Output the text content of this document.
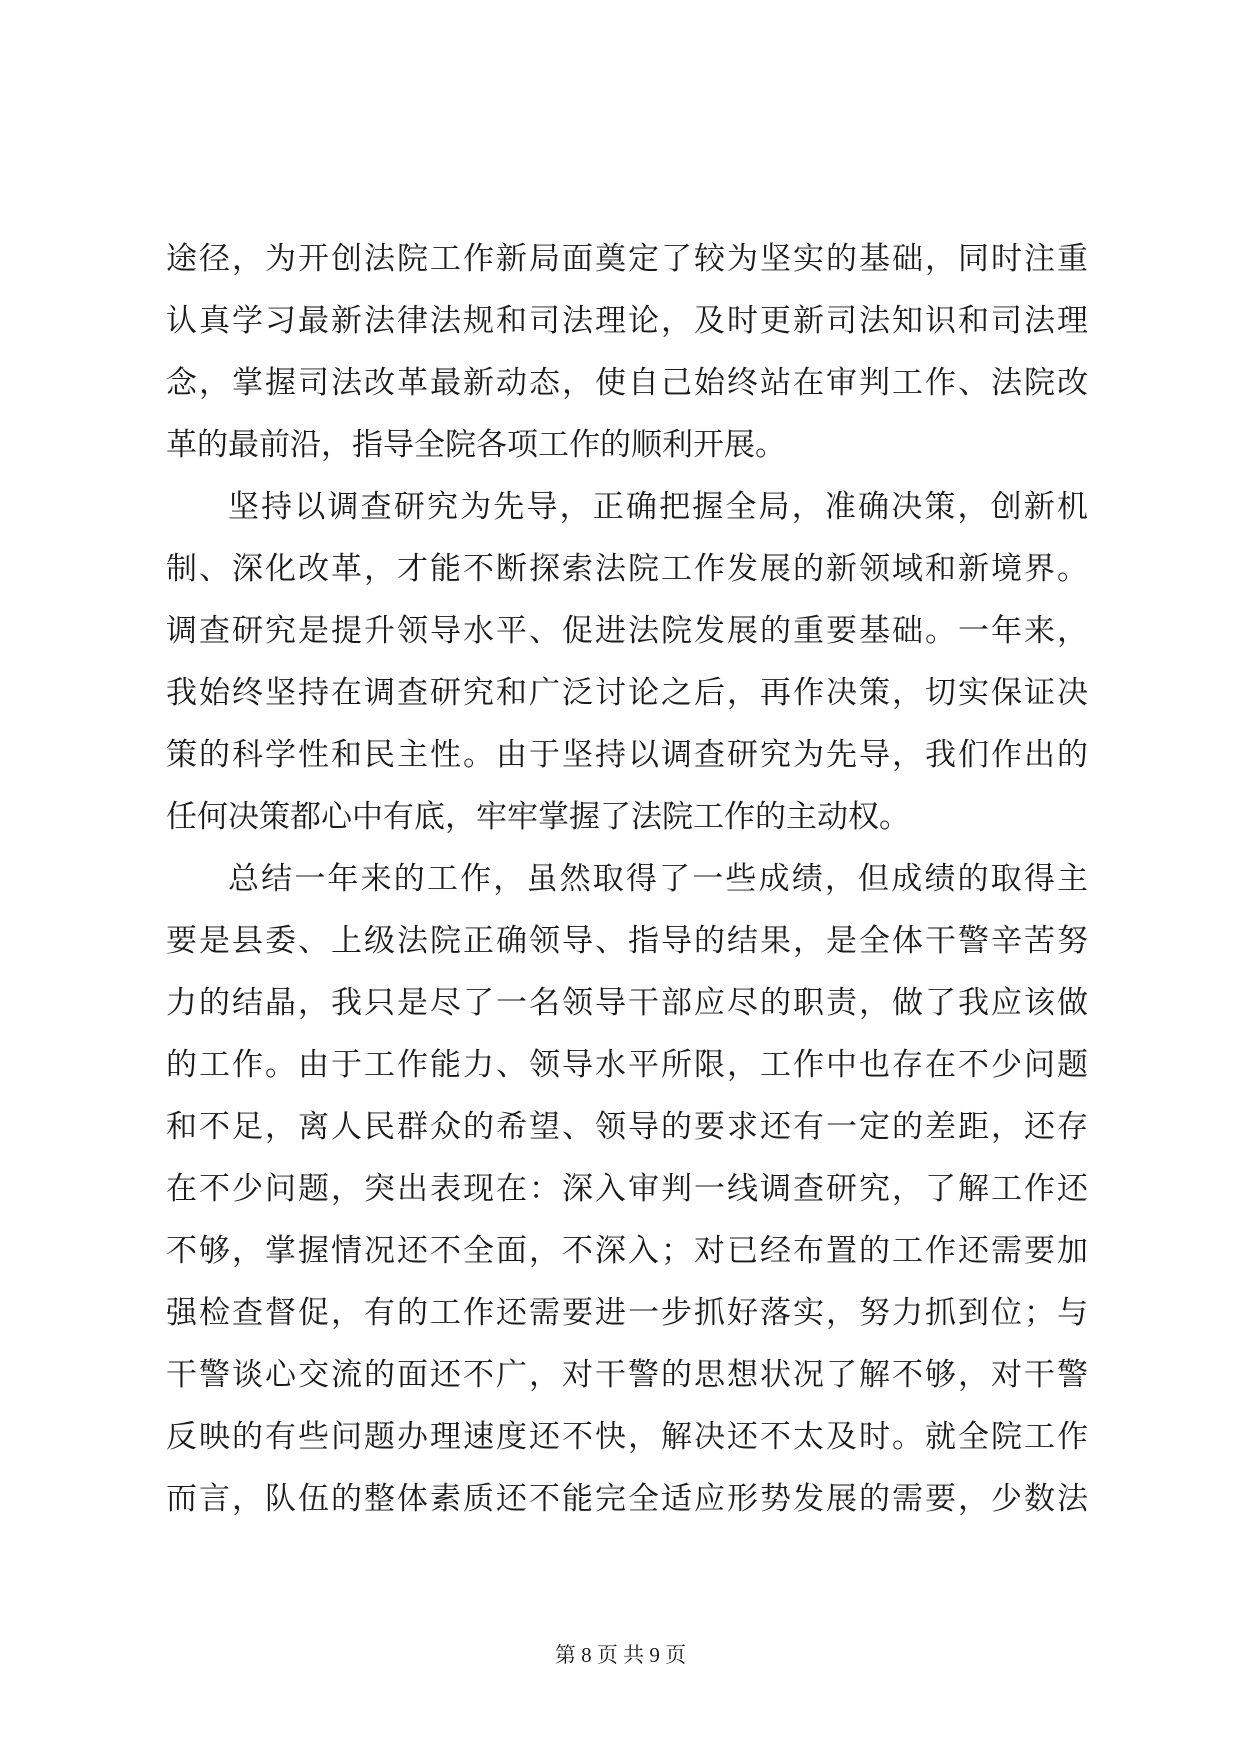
途径，为开创法院工作新局面奠定了较为坚实的基础，同时注重
认真学习最新法律法规和司法理论，及时更新司法知识和司法理
念，掌握司法改革最新动态，使自己始终站在审判工作、法院改
革的最前沿，指导全院各项工作的顺利开展。
坚持以调查研究为先导，正确把握全局，准确决策，创新机
制、深化改革，才能不断探索法院工作发展的新领域和新境界。
调查研究是提升领导水平、促进法院发展的重要基础。一年来，
我始终坚持在调查研究和广泛讨论之后，再作决策，切实保证决
策的科学性和民主性。由于坚持以调查研究为先导，我们作出的
任何决策都心中有底，牢牢掌握了法院工作的主动权。
总结一年来的工作，虽然取得了一些成绩，但成绩的取得主
要是县委、上级法院正确领导、指导的结果，是全体干警辛苦努
力的结晶，我只是尽了一名领导干部应尽的职责，做了我应该做
的工作。由于工作能力、领导水平所限，工作中也存在不少问题
和不足，离人民群众的希望、领导的要求还有一定的差距，还存
在不少问题，突出表现在：深入审判一线调查研究，了解工作还
不够，掌握情况还不全面，不深入；对已经布置的工作还需要加
强检查督促，有的工作还需要进一步抓好落实，努力抓到位；与
干警谈心交流的面还不广，对干警的思想状况了解不够，对干警
反映的有些问题办理速度还不快，解决还不太及时。就全院工作
而言，队伍的整体素质还不能完全适应形势发展的需要，少数法
第 8 页 共 9 页
